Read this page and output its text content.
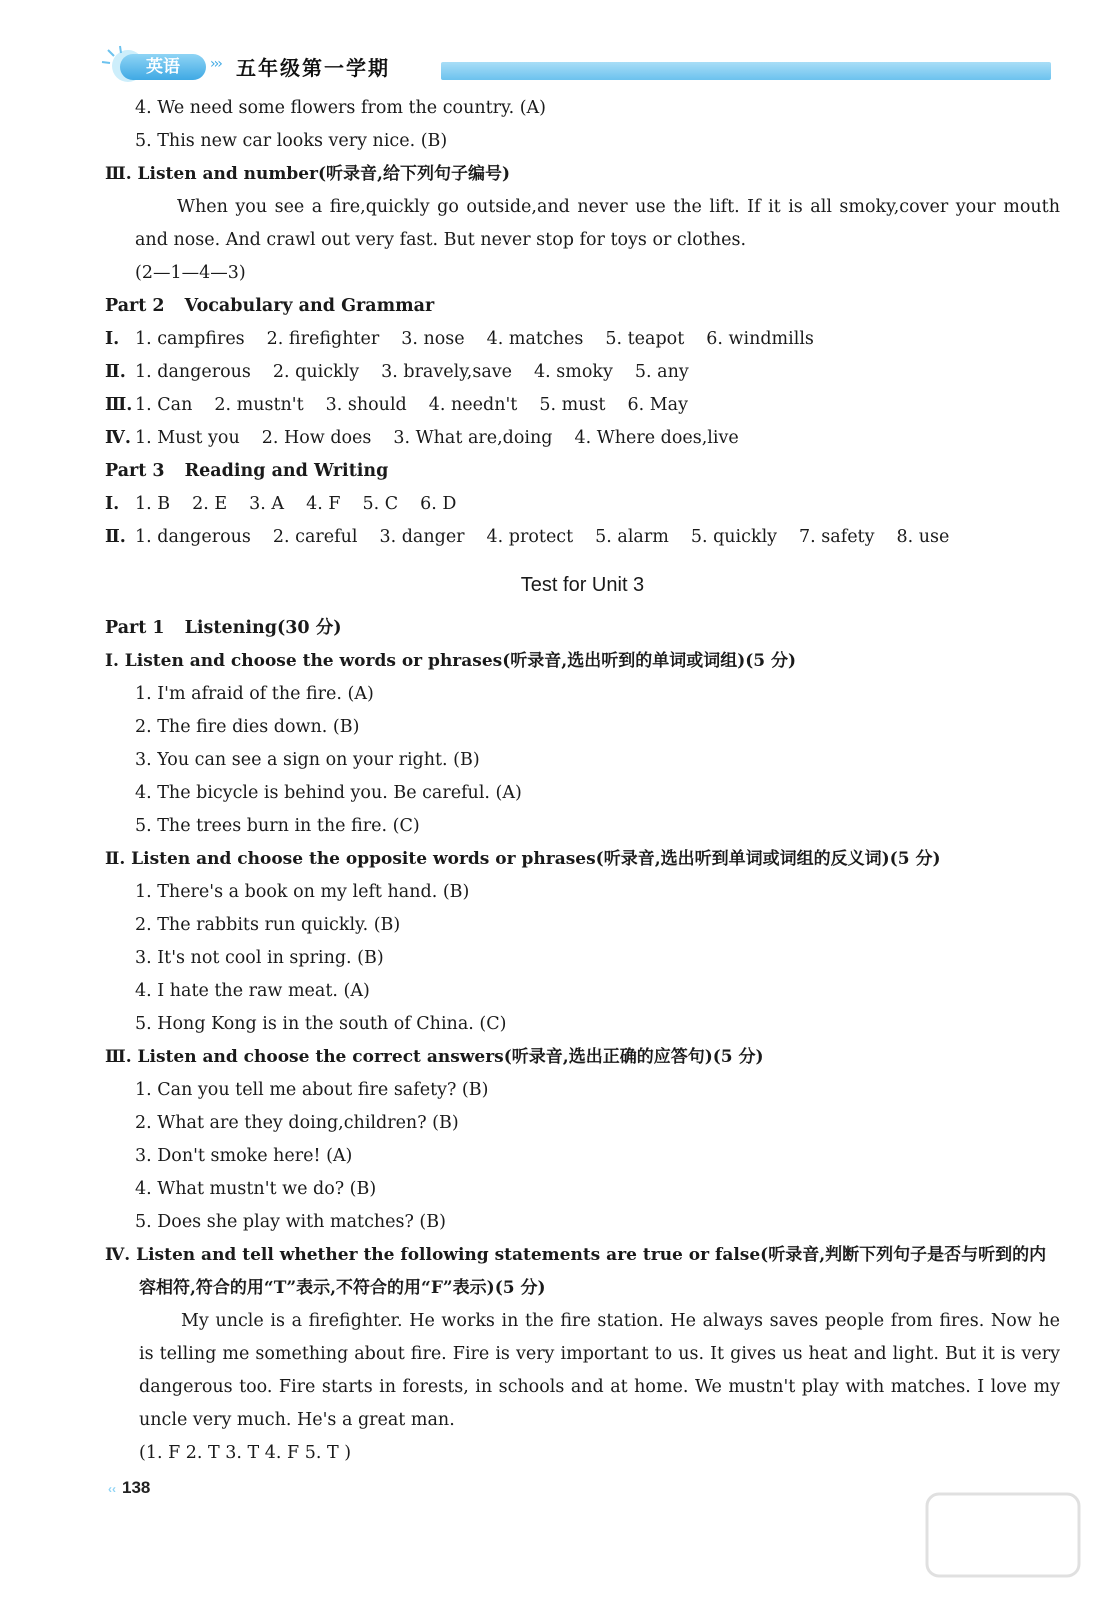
英语	››› 五年级第一学期
4. We need some flowers from the country. (A)
5. This new car looks very nice. (B)
Ⅲ. Listen and number(听录音,给下列句子编号)
When you see a fire,quickly go outside,and never use the lift. If it is all smoky,cover your mouth and nose. And crawl out very fast. But never stop for toys or clothes.
(2—1—4—3)
Part 2 Vocabulary and Grammar
Ⅰ. 1. campfires 2. firefighter 3. nose 4. matches 5. teapot 6. windmills
Ⅱ. 1. dangerous 2. quickly 3. bravely,save 4. smoky 5. any
Ⅲ. 1. Can 2. mustn't 3. should 4. needn't 5. must 6. May
Ⅳ. 1. Must you 2. How does 3. What are,doing 4. Where does,live
Part 3 Reading and Writing
Ⅰ. 1. B 2. E 3. A 4. F 5. C 6. D
Ⅱ. 1. dangerous 2. careful 3. danger 4. protect 5. alarm 5. quickly 7. safety 8. use
Test for Unit 3
Part 1 Listening(30 分)
Ⅰ. Listen and choose the words or phrases(听录音,选出听到的单词或词组)(5 分)
1. I'm afraid of the fire. (A)
2. The fire dies down. (B)
3. You can see a sign on your right. (B)
4. The bicycle is behind you. Be careful. (A)
5. The trees burn in the fire. (C)
Ⅱ. Listen and choose the opposite words or phrases(听录音,选出听到单词或词组的反义词)(5 分)
1. There's a book on my left hand. (B)
2. The rabbits run quickly. (B)
3. It's not cool in spring. (B)
4. I hate the raw meat. (A)
5. Hong Kong is in the south of China. (C)
Ⅲ. Listen and choose the correct answers(听录音,选出正确的应答句)(5 分)
1. Can you tell me about fire safety? (B)
2. What are they doing,children? (B)
3. Don't smoke here! (A)
4. What mustn't we do? (B)
5. Does she play with matches? (B)
Ⅳ. Listen and tell whether the following statements are true or false(听录音,判断下列句子是否与听到的内容相符,符合的用“T”表示,不符合的用“F”表示)(5 分)
My uncle is a firefighter. He works in the fire station. He always saves people from fires. Now he is telling me something about fire. Fire is very important to us. It gives us heat and light. But it is very dangerous too. Fire starts in forests, in schools and at home. We mustn't play with matches. I love my uncle very much. He's a great man.
(1. F 2. T 3. T 4. F 5. T )
‹‹ 138
